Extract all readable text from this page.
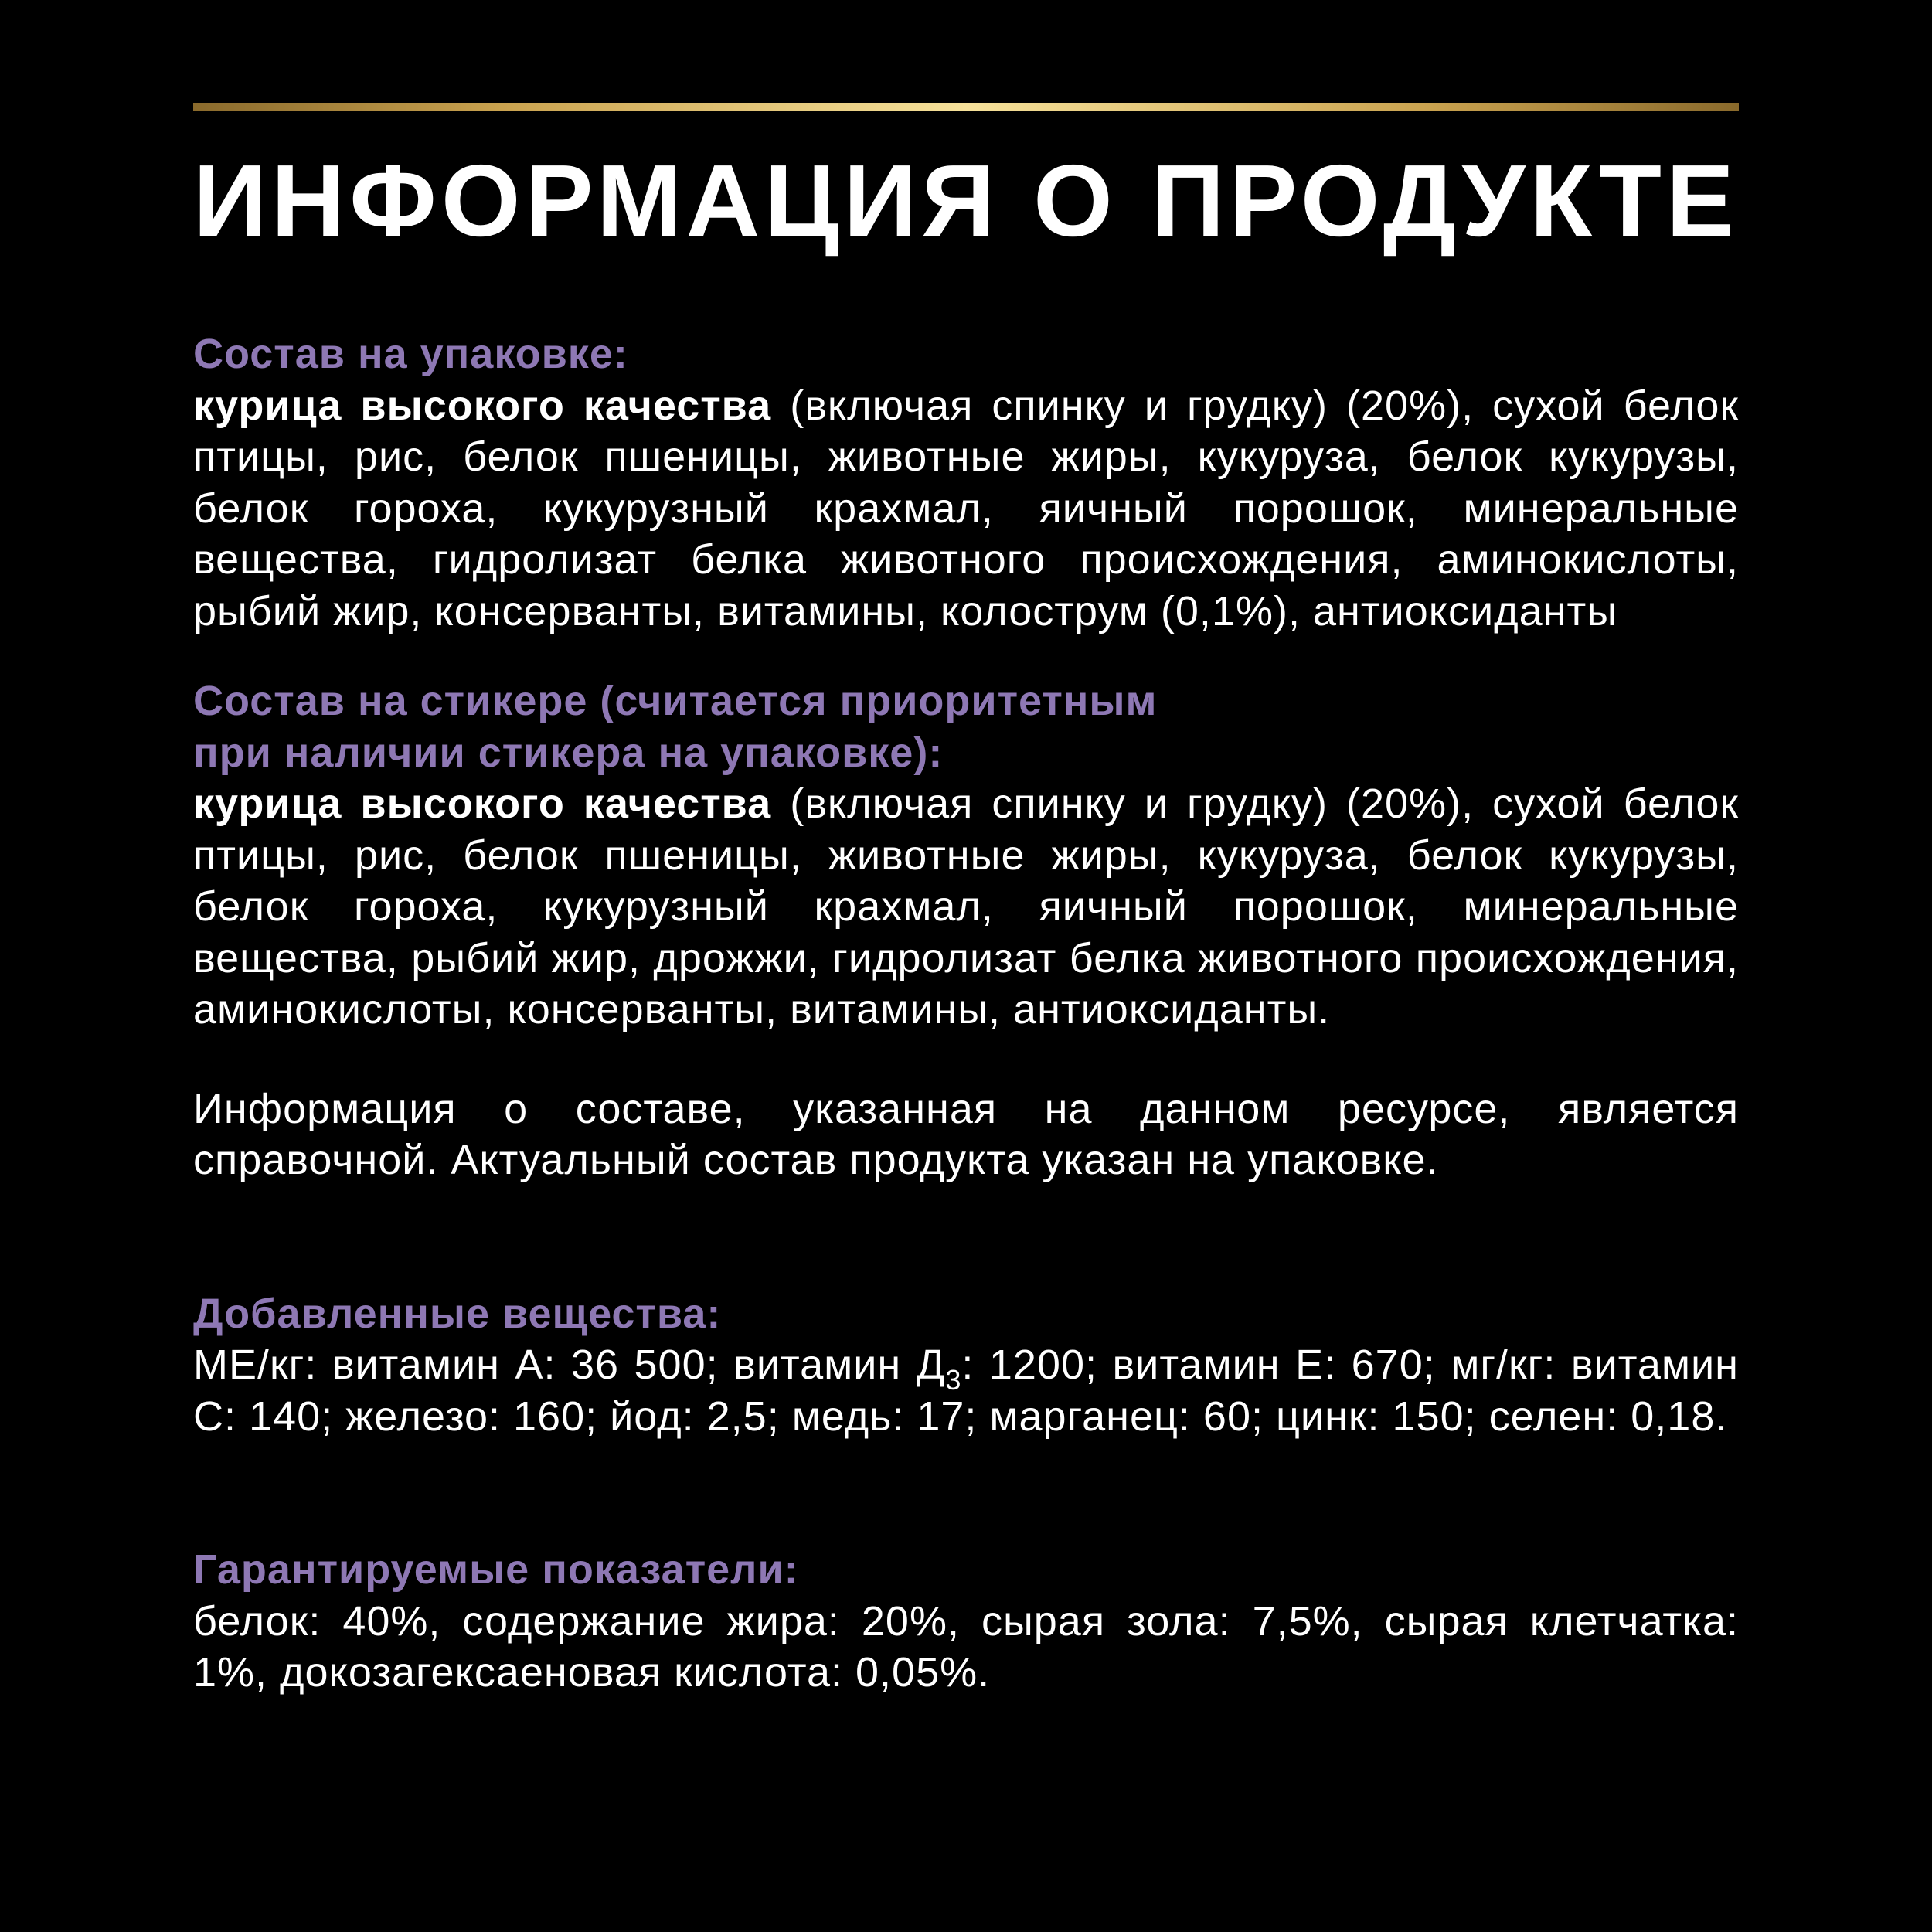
ИНФОРМАЦИЯ О ПРОДУКТЕ
Состав на упаковке:

курица высокого качества (включая спинку и грудку) (20%), сухой белок птицы, рис, белок пшеницы, животные жиры, кукуруза, белок кукурузы, белок гороха, кукурузный крахмал, яичный порошок, минеральные вещества, гидролизат белка животного происхождения, аминокислоты, рыбий жир, консерванты, витамины, колострум (0,1%), антиоксиданты

Состав на стикере (считается приоритетным
при наличии стикера на упаковке):

курица высокого качества (включая спинку и грудку) (20%), сухой белок птицы, рис, белок пшеницы, животные жиры, кукуруза, белок кукурузы, белок гороха, кукурузный крахмал, яичный порошок, минеральные вещества, рыбий жир, дрожжи, гидролизат белка животного происхождения, аминокислоты, консерванты, витамины, антиоксиданты.

Информация о составе, указанная на данном ресурсе, является справочной. Актуальный состав продукта указан на упаковке.

Добавленные вещества:

МЕ/кг: витамин А: 36 500; витамин $Д_3$: 1200; витамин Е: 670; мг/кг: витамин С: 140; железо: 160; йод: 2,5; медь: 17; марганец: 60; цинк: 150; селен: 0,18.

Гарантируемые показатели:

белок: 40%, содержание жира: 20%, сырая зола: 7,5%, сырая клетчатка: 1%, докозагексаеновая кислота: 0,05%.
